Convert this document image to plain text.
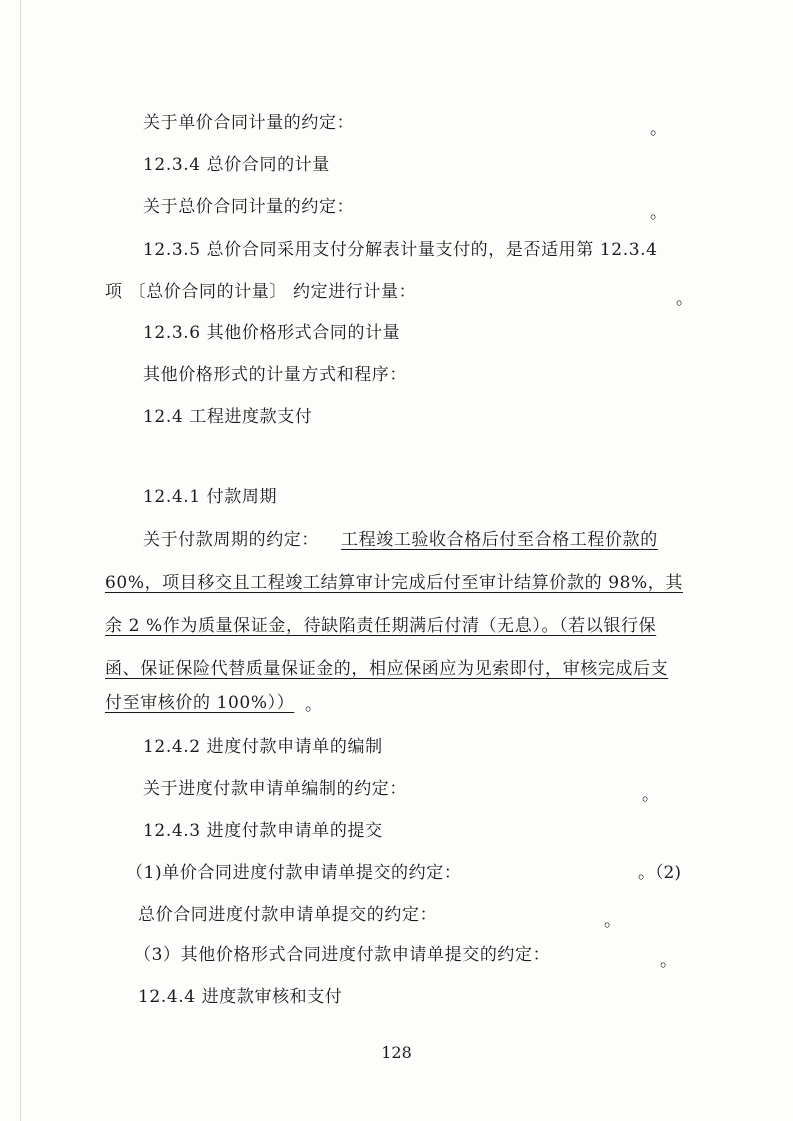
关于单价合同计量的约定：	。
12.3.4 总价合同的计量
关于总价合同计量的约定：	。
12.3.5 总价合同采用支付分解表计量支付的，是否适用第 12.3.4
项 〔总价合同的计量〕 约定进行计量：	。
12.3.6 其他价格形式合同的计量
其他价格形式的计量方式和程序：
12.4 工程进度款支付
12.4.1 付款周期
关于付款周期的约定： 工程竣工验收合格后付至合格工程价款的
60%，项目移交且工程竣工结算审计完成后付至审计结算价款的 98%，其
余 2 %作为质量保证金，待缺陷责任期满后付清（无息）。（若以银行保
函、保证保险代替质量保证金的，相应保函应为见索即付，审核完成后支
付至审核价的 100%）） 。
12.4.2 进度付款申请单的编制
关于进度付款申请单编制的约定：	。
12.4.3 进度付款申请单的提交
（1)单价合同进度付款申请单提交的约定：	。（2)
总价合同进度付款申请单提交的约定：	。
（3）其他价格形式合同进度付款申请单提交的约定：	。
12.4.4 进度款审核和支付
128
